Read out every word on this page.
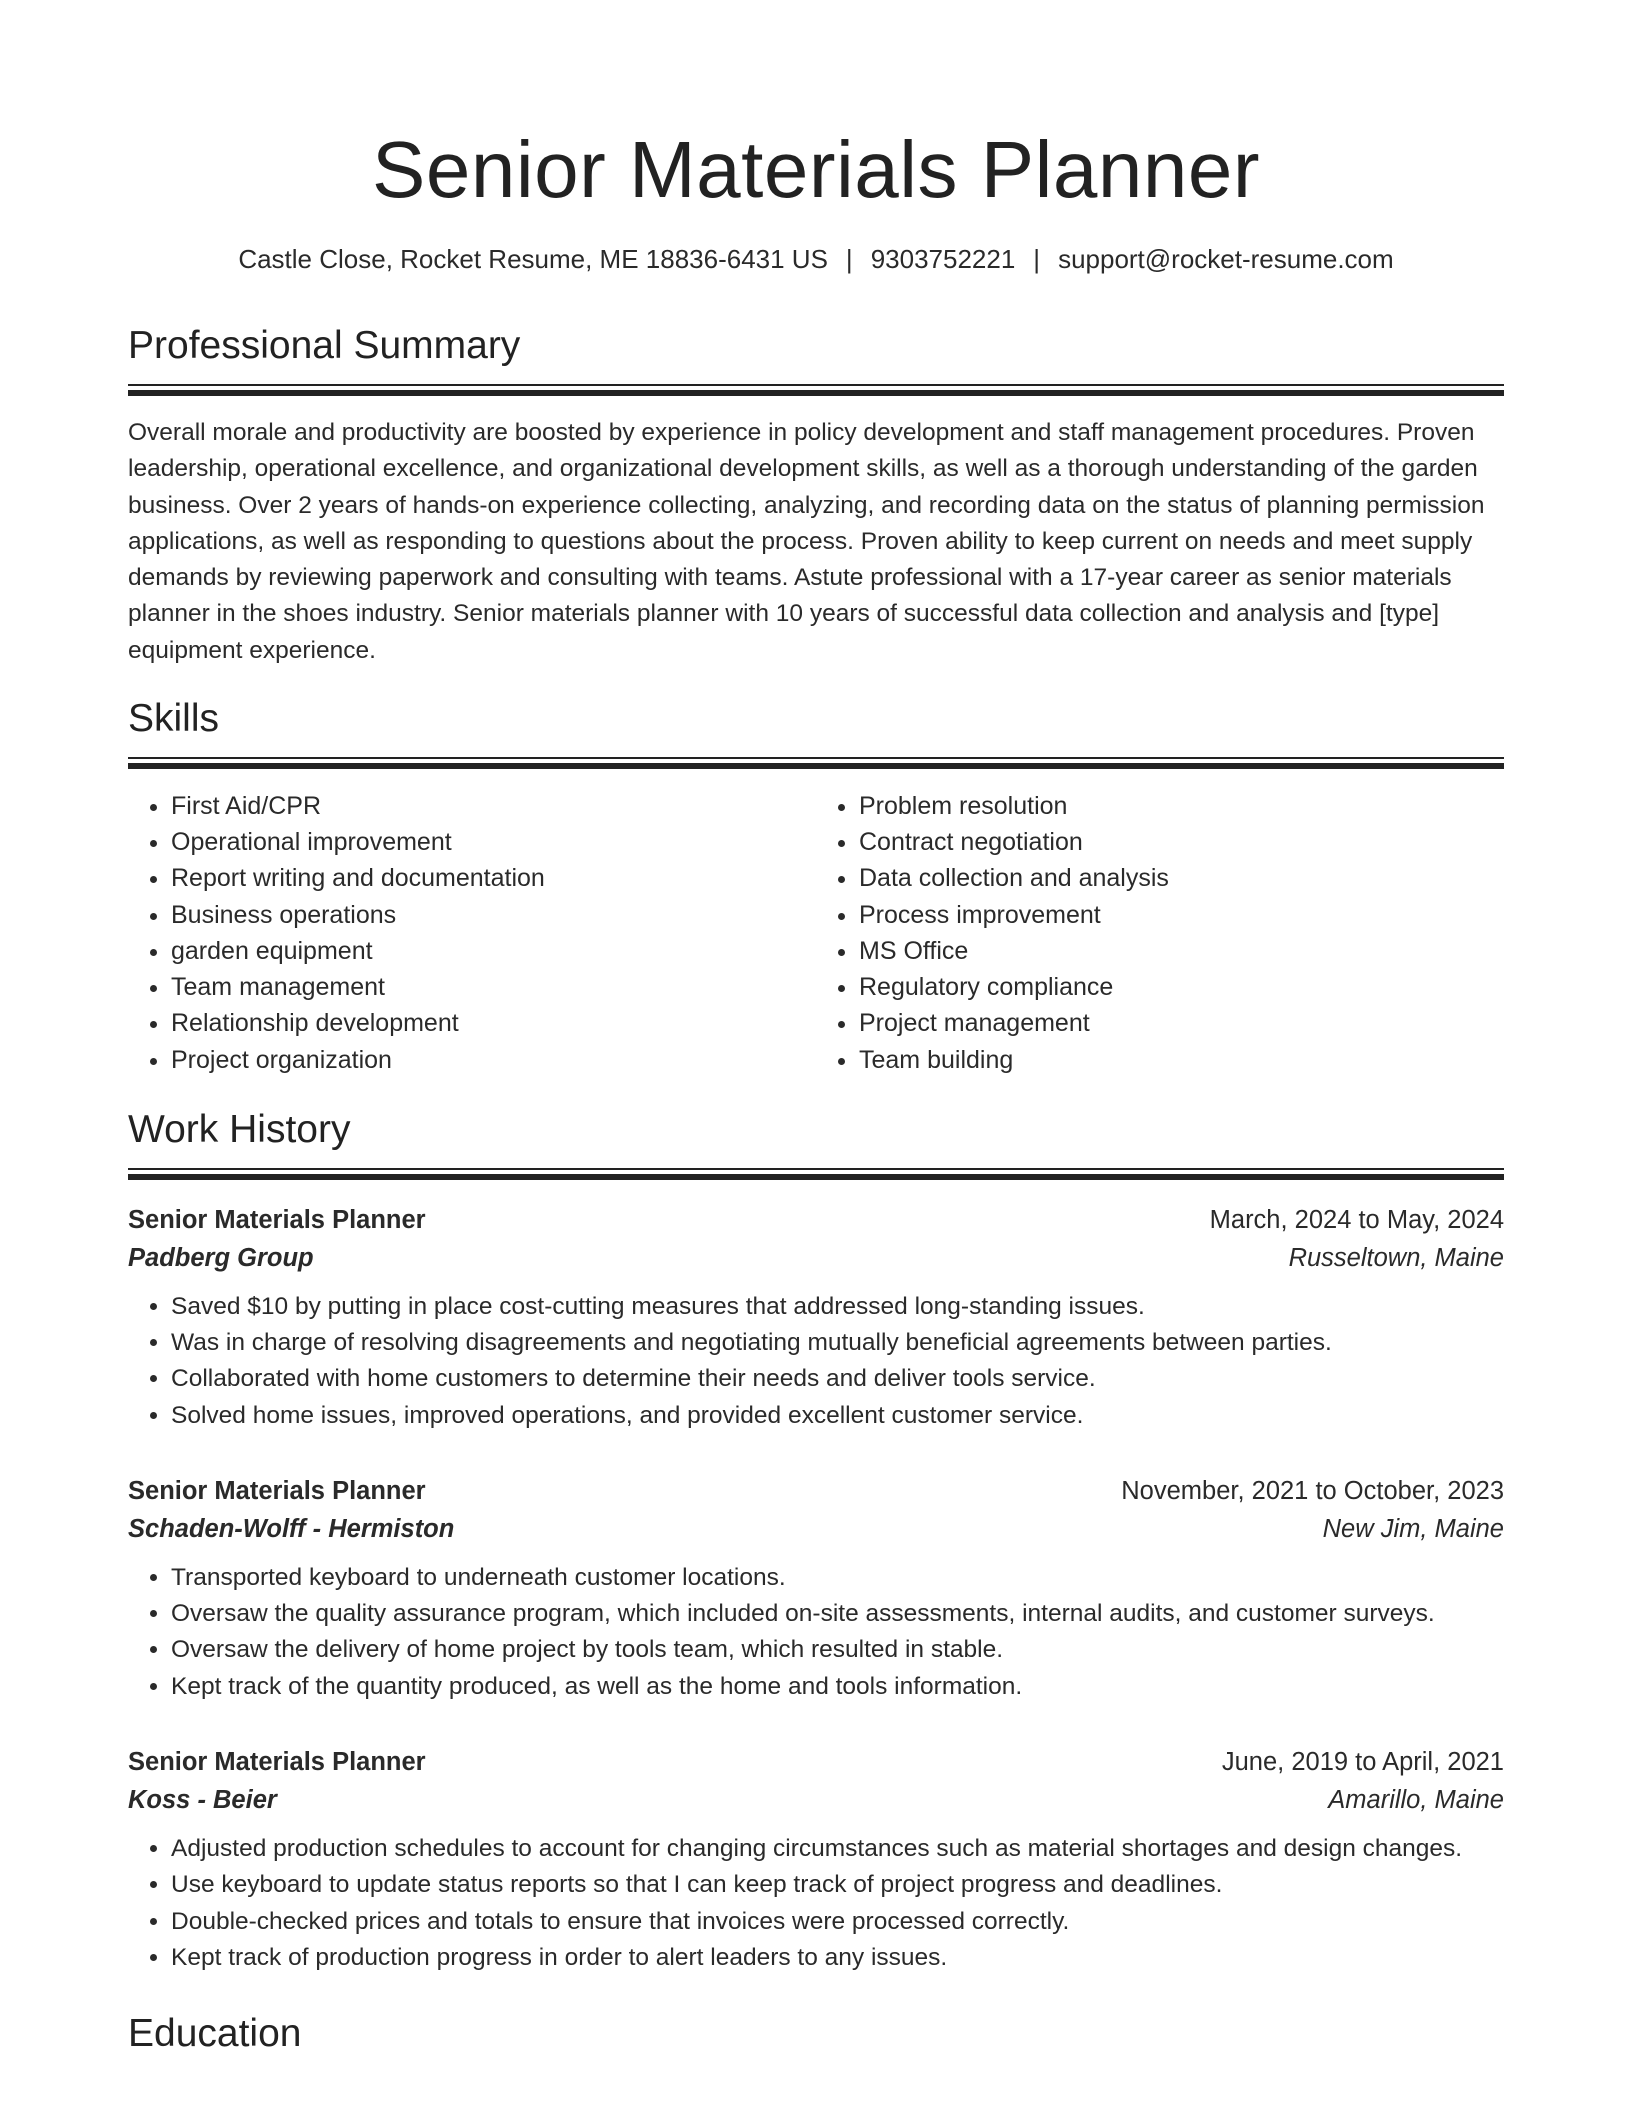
Senior Materials Planner
Castle Close, Rocket Resume, ME 18836-6431 US | 9303752221 | support@rocket-resume.com
Professional Summary
Overall morale and productivity are boosted by experience in policy development and staff management procedures. Proven leadership, operational excellence, and organizational development skills, as well as a thorough understanding of the garden business. Over 2 years of hands-on experience collecting, analyzing, and recording data on the status of planning permission applications, as well as responding to questions about the process. Proven ability to keep current on needs and meet supply demands by reviewing paperwork and consulting with teams. Astute professional with a 17-year career as senior materials planner in the shoes industry. Senior materials planner with 10 years of successful data collection and analysis and [type] equipment experience.
Skills
• First Aid/CPR
• Operational improvement
• Report writing and documentation
• Business operations
• garden equipment
• Team management
• Relationship development
• Project organization
• Problem resolution
• Contract negotiation
• Data collection and analysis
• Process improvement
• MS Office
• Regulatory compliance
• Project management
• Team building
Work History
Senior Materials Planner	March, 2024 to May, 2024
Padberg Group	Russeltown, Maine
• Saved $10 by putting in place cost-cutting measures that addressed long-standing issues.
• Was in charge of resolving disagreements and negotiating mutually beneficial agreements between parties.
• Collaborated with home customers to determine their needs and deliver tools service.
• Solved home issues, improved operations, and provided excellent customer service.
Senior Materials Planner	November, 2021 to October, 2023
Schaden-Wolff - Hermiston	New Jim, Maine
• Transported keyboard to underneath customer locations.
• Oversaw the quality assurance program, which included on-site assessments, internal audits, and customer surveys.
• Oversaw the delivery of home project by tools team, which resulted in stable.
• Kept track of the quantity produced, as well as the home and tools information.
Senior Materials Planner	June, 2019 to April, 2021
Koss - Beier	Amarillo, Maine
• Adjusted production schedules to account for changing circumstances such as material shortages and design changes.
• Use keyboard to update status reports so that I can keep track of project progress and deadlines.
• Double-checked prices and totals to ensure that invoices were processed correctly.
• Kept track of production progress in order to alert leaders to any issues.
Education
